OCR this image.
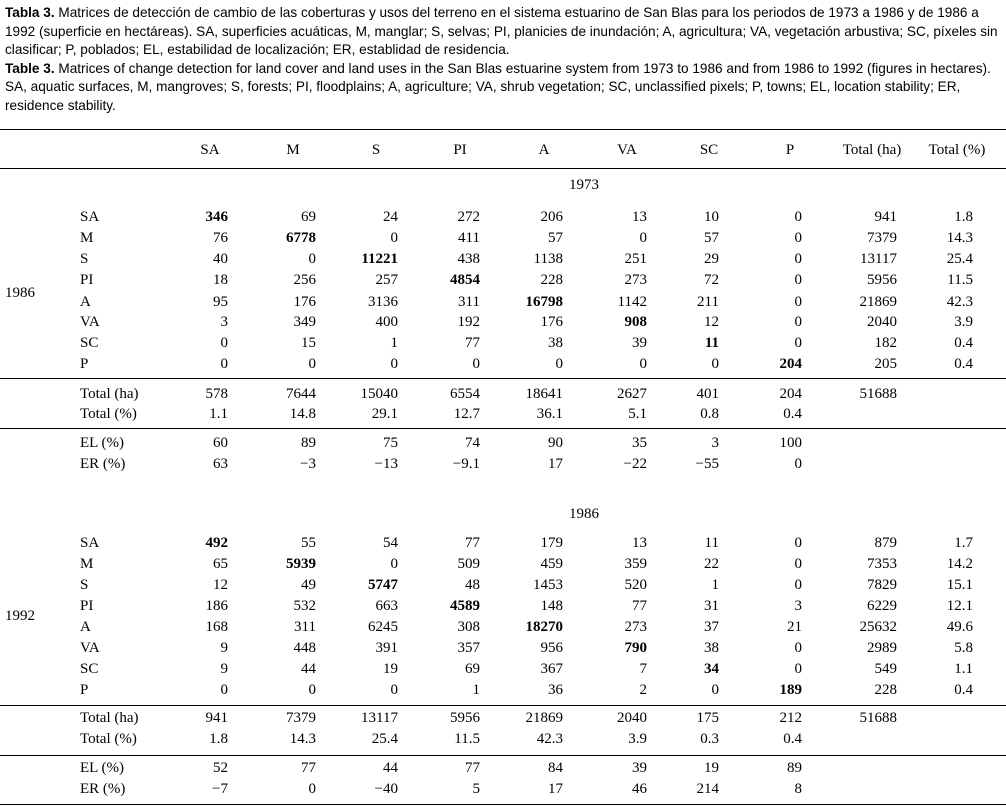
Tabla 3. Matrices de detección de cambio de las coberturas y usos del terreno en el sistema estuarino de San Blas para los periodos de 1973 a 1986 y de 1986 a 1992 (superficie en hectáreas). SA, superficies acuáticas, M, manglar; S, selvas; PI, planicies de inundación; A, agricultura; VA, vegetación arbustiva; SC, píxeles sin clasificar; P, poblados; EL, estabilidad de localización; ER, establidad de residencia.

Table 3. Matrices of change detection for land cover and land uses in the San Blas estuarine system from 1973 to 1986 and from 1986 to 1992 (figures in hectares). SA, aquatic surfaces, M, mangroves; S, forests; PI, floodplains; A, agriculture; VA, shrub vegetation; SC, unclassified pixels; P, towns; EL, location stability; ER, residence stability.

SA	M	S	PI	A	VA	SC	P	Total (ha) Total (%)
1973
1986
SA	346	69	24	272	206	13	10	0	941	1.8
M	76	6778	0	411	57	0	57	0	7379	14.3
S	40	0	11221	438	1138	251	29	0	13117	25.4
PI	18	256	257	4854	228	273	72	0	5956	11.5
A	95	176	3136	311	16798	1142	211	0	21869	42.3
VA	3	349	400	192	176	908	12	0	2040	3.9
SC	0	15	1	77	38	39	11	0	182	0.4
P	0	0	0	0	0	0	0	204	205	0.4
Total (ha)	578	7644	15040	6554	18641	2627	401	204	51688
Total (%)	1.1	14.8	29.1	12.7	36.1	5.1	0.8	0.4
EL (%)	60	89	75	74	90	35	3	100
ER (%)	63	−3	−13	−9.1	17	−22	−55	0
1986
1992
SA	492	55	54	77	179	13	11	0	879	1.7
M	65	5939	0	509	459	359	22	0	7353	14.2
S	12	49	5747	48	1453	520	1	0	7829	15.1
PI	186	532	663	4589	148	77	31	3	6229	12.1
A	168	311	6245	308	18270	273	37	21	25632	49.6
VA	9	448	391	357	956	790	38	0	2989	5.8
SC	9	44	19	69	367	7	34	0	549	1.1
P	0	0	0	1	36	2	0	189	228	0.4
Total (ha)	941	7379	13117	5956	21869	2040	175	212	51688
Total (%)	1.8	14.3	25.4	11.5	42.3	3.9	0.3	0.4
EL (%)	52	77	44	77	84	39	19	89
ER (%)	−7	0	−40	5	17	46	214	8
